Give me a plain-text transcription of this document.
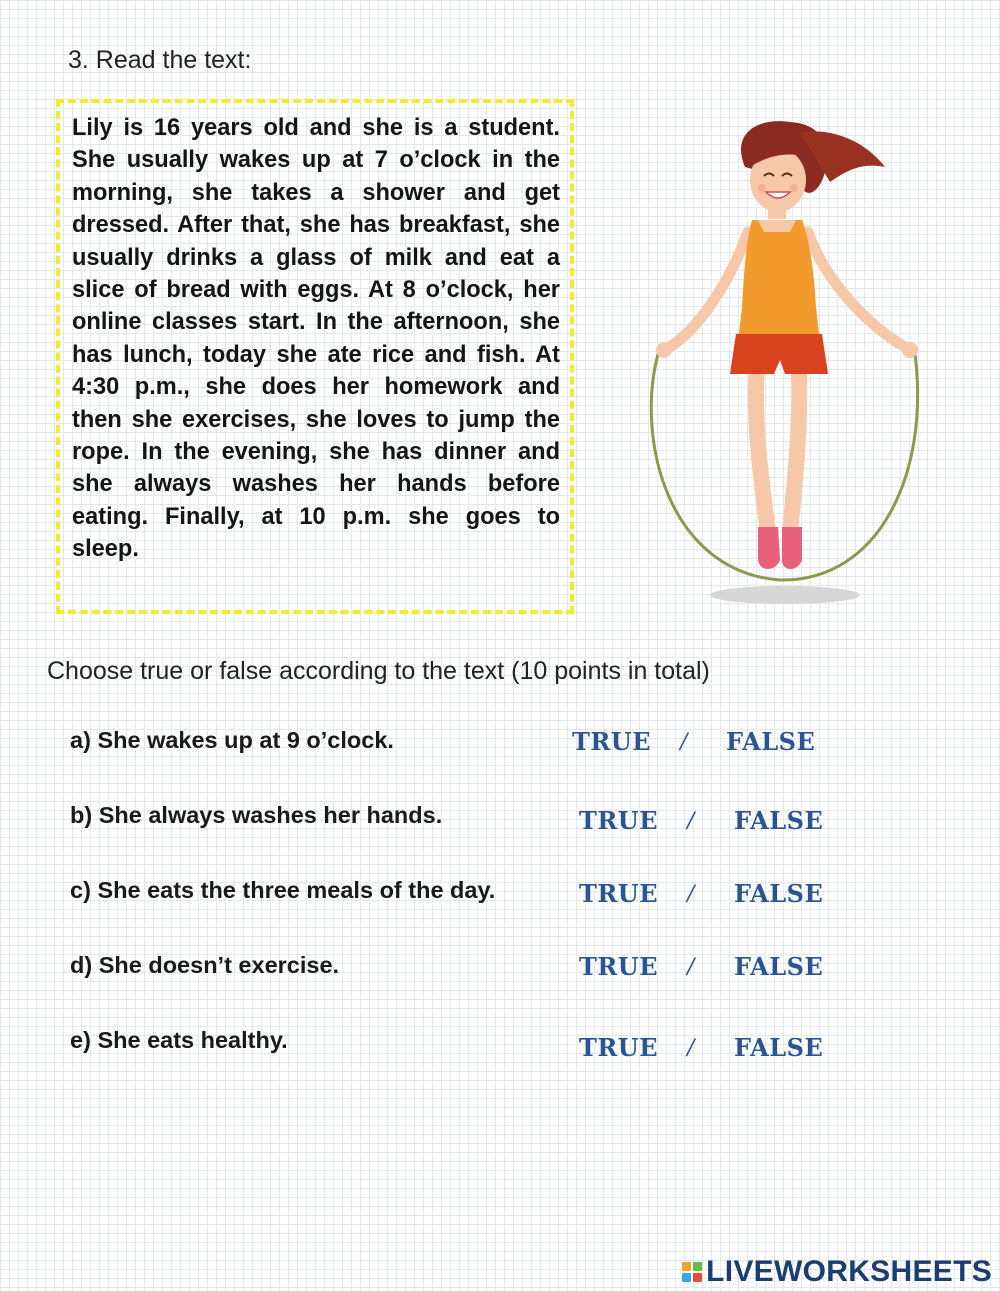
3. Read the text:

Lily is 16 years old and she is a student. She usually wakes up at 7 o’clock in the morning, she takes a shower and get dressed. After that, she has breakfast, she usually drinks a glass of milk and eat a slice of bread with eggs. At 8 o’clock, her online classes start. In the afternoon, she has lunch, today she ate rice and fish. At 4:30 p.m., she does her homework and then she exercises, she loves to jump the rope. In the evening, she has dinner and she always washes her hands before eating. Finally, at 10 p.m. she goes to sleep.

Choose true or false according to the text (10 points in total)
a) She wakes up at 9 o’clock.	TRUE / FALSE
b) She always washes her hands.	TRUE / FALSE
c) She eats the three meals of the day.	TRUE / FALSE
d) She doesn’t exercise.	TRUE / FALSE
e) She eats healthy.	TRUE / FALSE
LIVEWORKSHEETS
